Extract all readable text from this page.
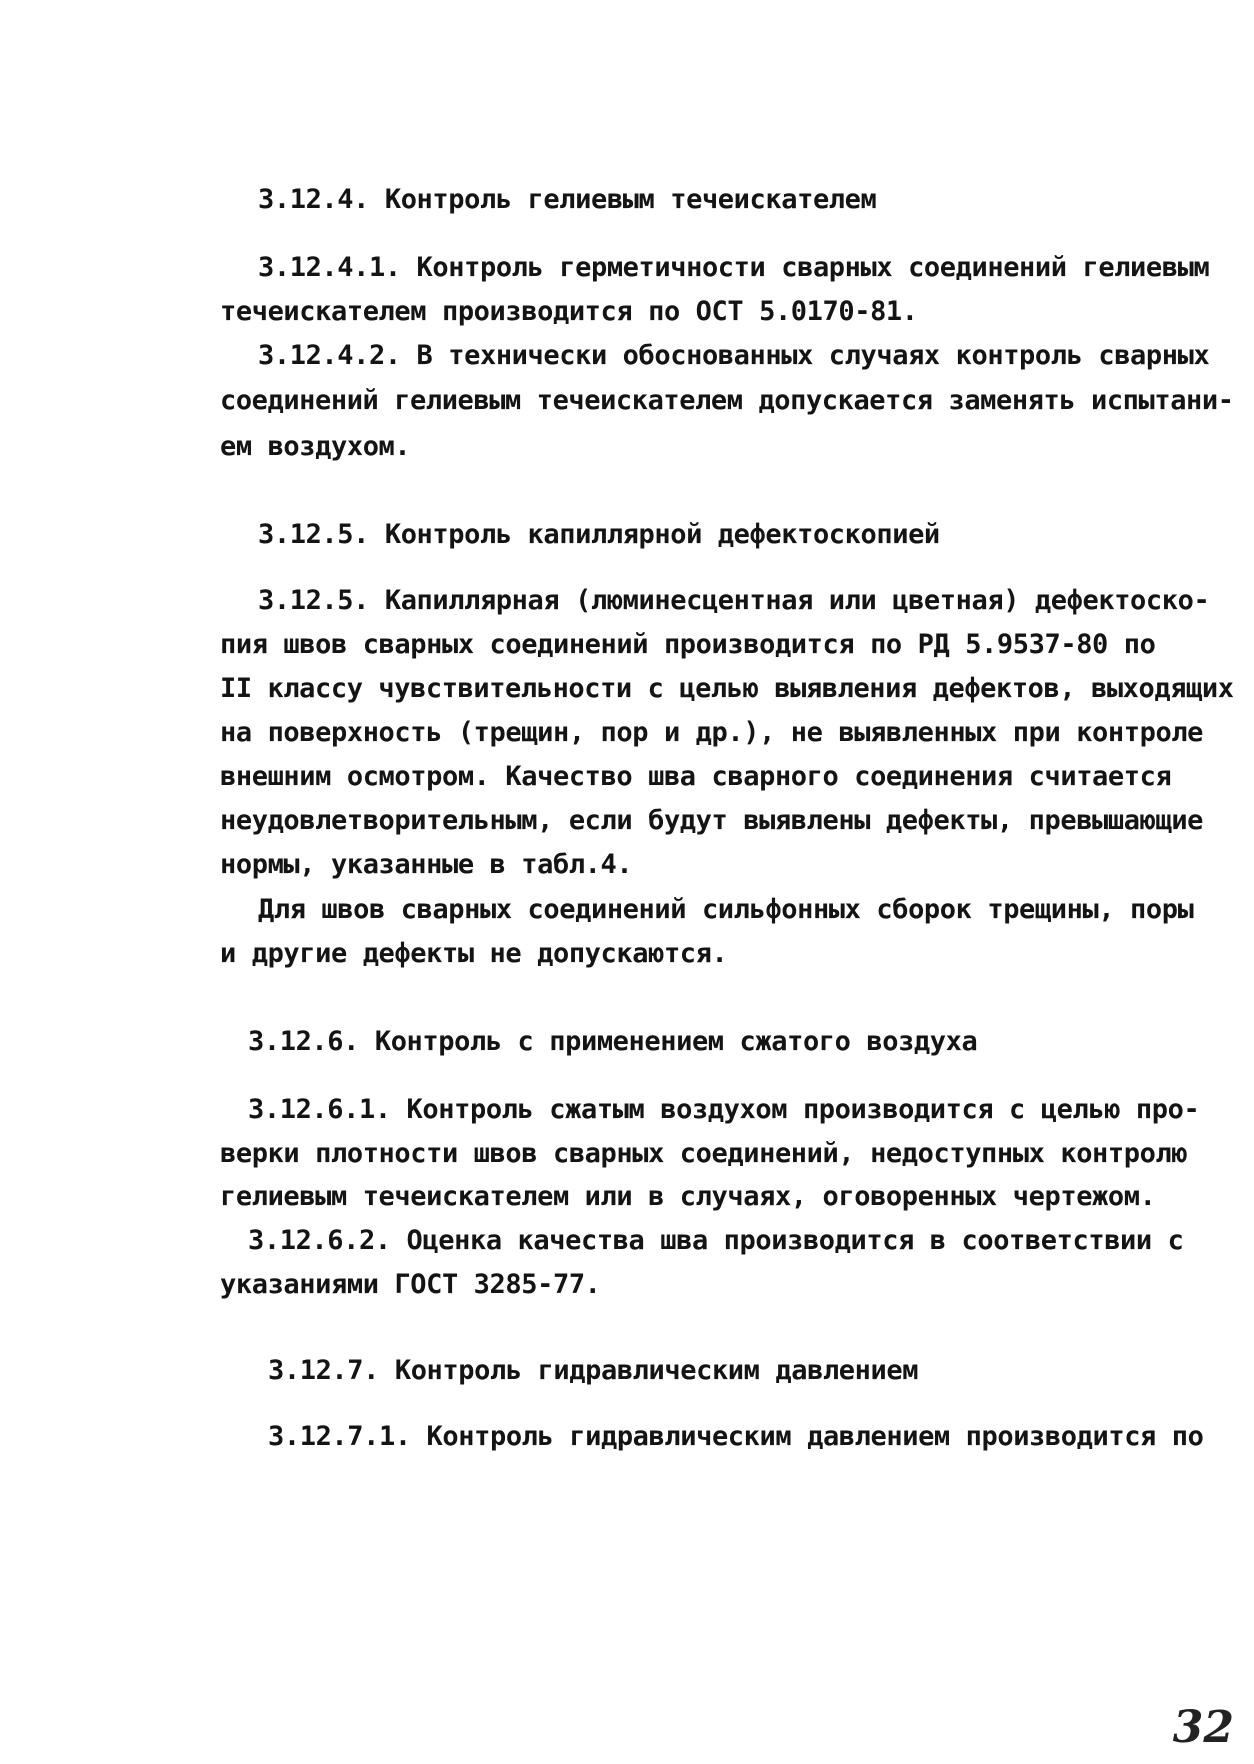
3.12.4. Контроль гелиевым течеискателем
3.12.4.1. Контроль герметичности сварных соединений гелиевым
течеискателем производится по ОСТ 5.0170-81.
3.12.4.2. В технически обоснованных случаях контроль сварных
соединений гелиевым течеискателем допускается заменять испытани-
ем воздухом.
3.12.5. Контроль капиллярной дефектоскопией
3.12.5. Капиллярная (люминесцентная или цветная) дефектоско-
пия швов сварных соединений производится по РД 5.9537-80 по
II классу чувствительности с целью выявления дефектов, выходящих
на поверхность (трещин, пор и др.), не выявленных при контроле
внешним осмотром. Качество шва сварного соединения считается
неудовлетворительным, если будут выявлены дефекты, превышающие
нормы, указанные в табл.4.
Для швов сварных соединений сильфонных сборок трещины, поры
и другие дефекты не допускаются.
3.12.6. Контроль с применением сжатого воздуха
3.12.6.1. Контроль сжатым воздухом производится с целью про-
верки плотности швов сварных соединений, недоступных контролю
гелиевым течеискателем или в случаях, оговоренных чертежом.
3.12.6.2. Оценка качества шва производится в соответствии с
указаниями ГОСТ 3285-77.
3.12.7. Контроль гидравлическим давлением
3.12.7.1. Контроль гидравлическим давлением производится по
32
